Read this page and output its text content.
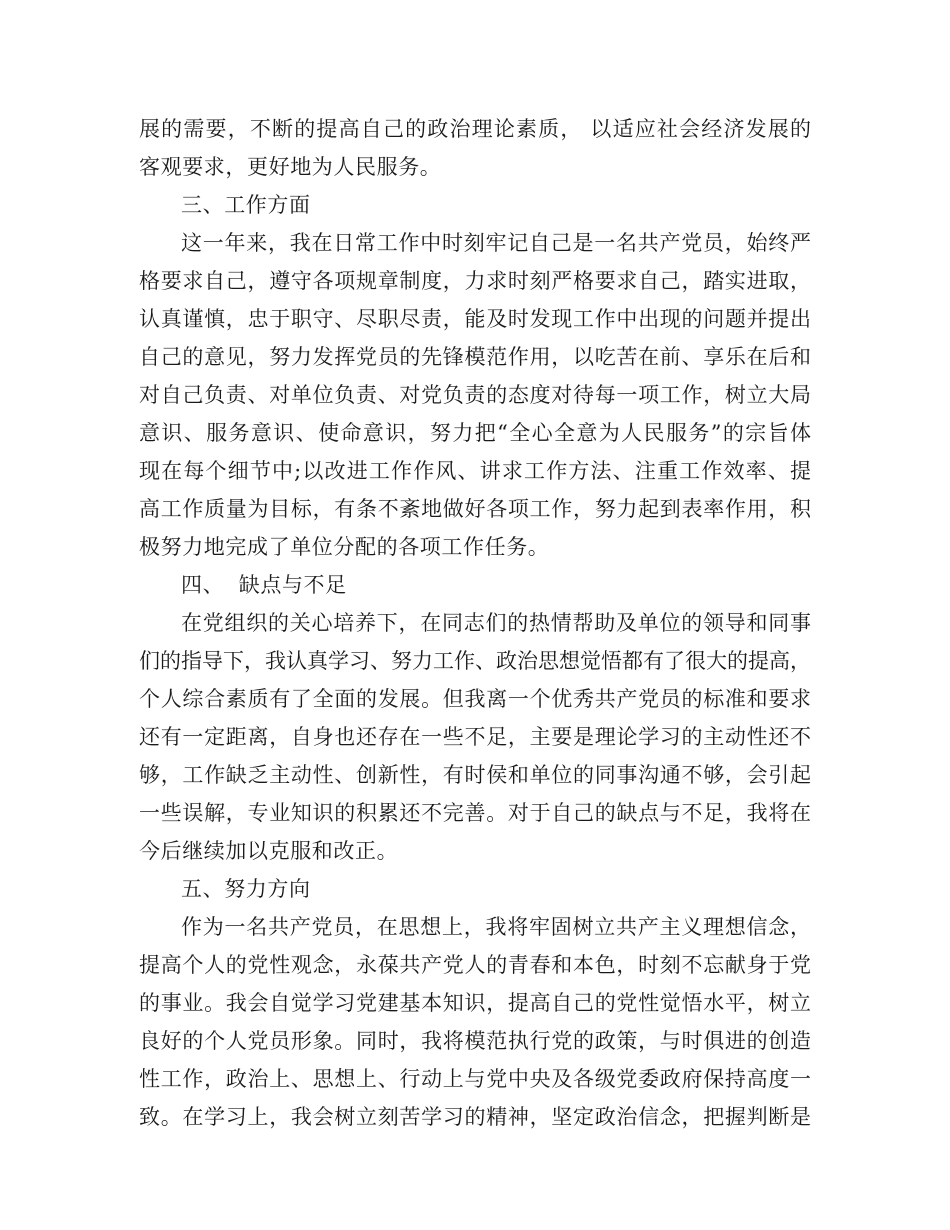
展的需要，不断的提高自己的政治理论素质， 以适应社会经济发展的

客观要求，更好地为人民服务。

三、工作方面

这一年来，我在日常工作中时刻牢记自己是一名共产党员，始终严

格要求自己，遵守各项规章制度，力求时刻严格要求自己，踏实进取，

认真谨慎，忠于职守、尽职尽责，能及时发现工作中出现的问题并提出

自己的意见，努力发挥党员的先锋模范作用，以吃苦在前、享乐在后和

对自己负责、对单位负责、对党负责的态度对待每一项工作，树立大局

意识、服务意识、使命意识，努力把“全心全意为人民服务”的宗旨体

现在每个细节中;以改进工作作风、讲求工作方法、注重工作效率、提

高工作质量为目标，有条不紊地做好各项工作，努力起到表率作用，积

极努力地完成了单位分配的各项工作任务。

四、  缺点与不足

在党组织的关心培养下，在同志们的热情帮助及单位的领导和同事

们的指导下，我认真学习、努力工作、政治思想觉悟都有了很大的提高，

个人综合素质有了全面的发展。但我离一个优秀共产党员的标准和要求

还有一定距离，自身也还存在一些不足，主要是理论学习的主动性还不

够，工作缺乏主动性、创新性，有时侯和单位的同事沟通不够，会引起

一些误解，专业知识的积累还不完善。对于自己的缺点与不足，我将在

今后继续加以克服和改正。

五、努力方向

作为一名共产党员，在思想上，我将牢固树立共产主义理想信念，

提高个人的党性观念，永葆共产党人的青春和本色，时刻不忘献身于党

的事业。我会自觉学习党建基本知识，提高自己的党性觉悟水平，树立

良好的个人党员形象。同时，我将模范执行党的政策，与时俱进的创造

性工作，政治上、思想上、行动上与党中央及各级党委政府保持高度一

致。在学习上，我会树立刻苦学习的精神，坚定政治信念，把握判断是
